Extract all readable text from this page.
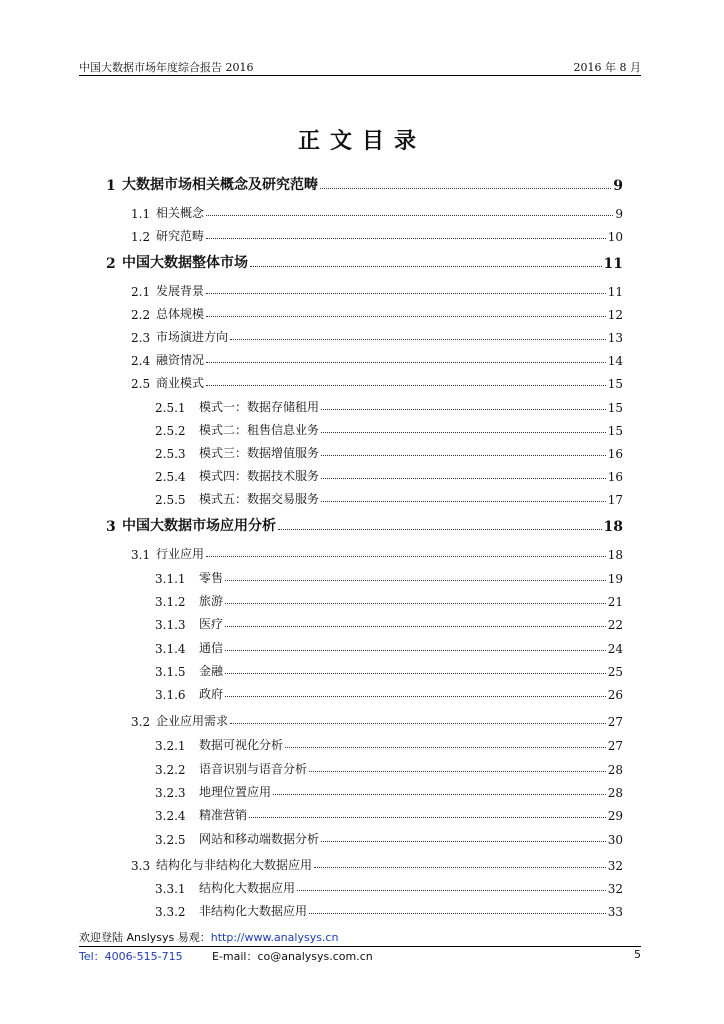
中国大数据市场年度综合报告 2016	2016 年 8 月
正文目录
1 大数据市场相关概念及研究范畴	9
1.1 相关概念	9
1.2 研究范畴	10
2 中国大数据整体市场	11
2.1 发展背景	11
2.2 总体规模	12
2.3 市场演进方向	13
2.4 融资情况	14
2.5 商业模式	15
2.5.1	模式一：数据存储租用	15
2.5.2	模式二：租售信息业务	15
2.5.3	模式三：数据增值服务	16
2.5.4	模式四：数据技术服务	16
2.5.5	模式五：数据交易服务	17
3 中国大数据市场应用分析	18
3.1 行业应用	18
3.1.1	零售	19
3.1.2	旅游	21
3.1.3	医疗	22
3.1.4	通信	24
3.1.5	金融	25
3.1.6	政府	26
3.2 企业应用需求	27
3.2.1	数据可视化分析	27
3.2.2	语音识别与语音分析	28
3.2.3	地理位置应用	28
3.2.4	精准营销	29
3.2.5	网站和移动端数据分析	30
3.3 结构化与非结构化大数据应用	32
3.3.1	结构化大数据应用	32
3.3.2	非结构化大数据应用	33
欢迎登陆 Anslysys 易观：http://www.analysys.cn
Tel：4006-515-715	E-mail：co@analysys.com.cn	5
